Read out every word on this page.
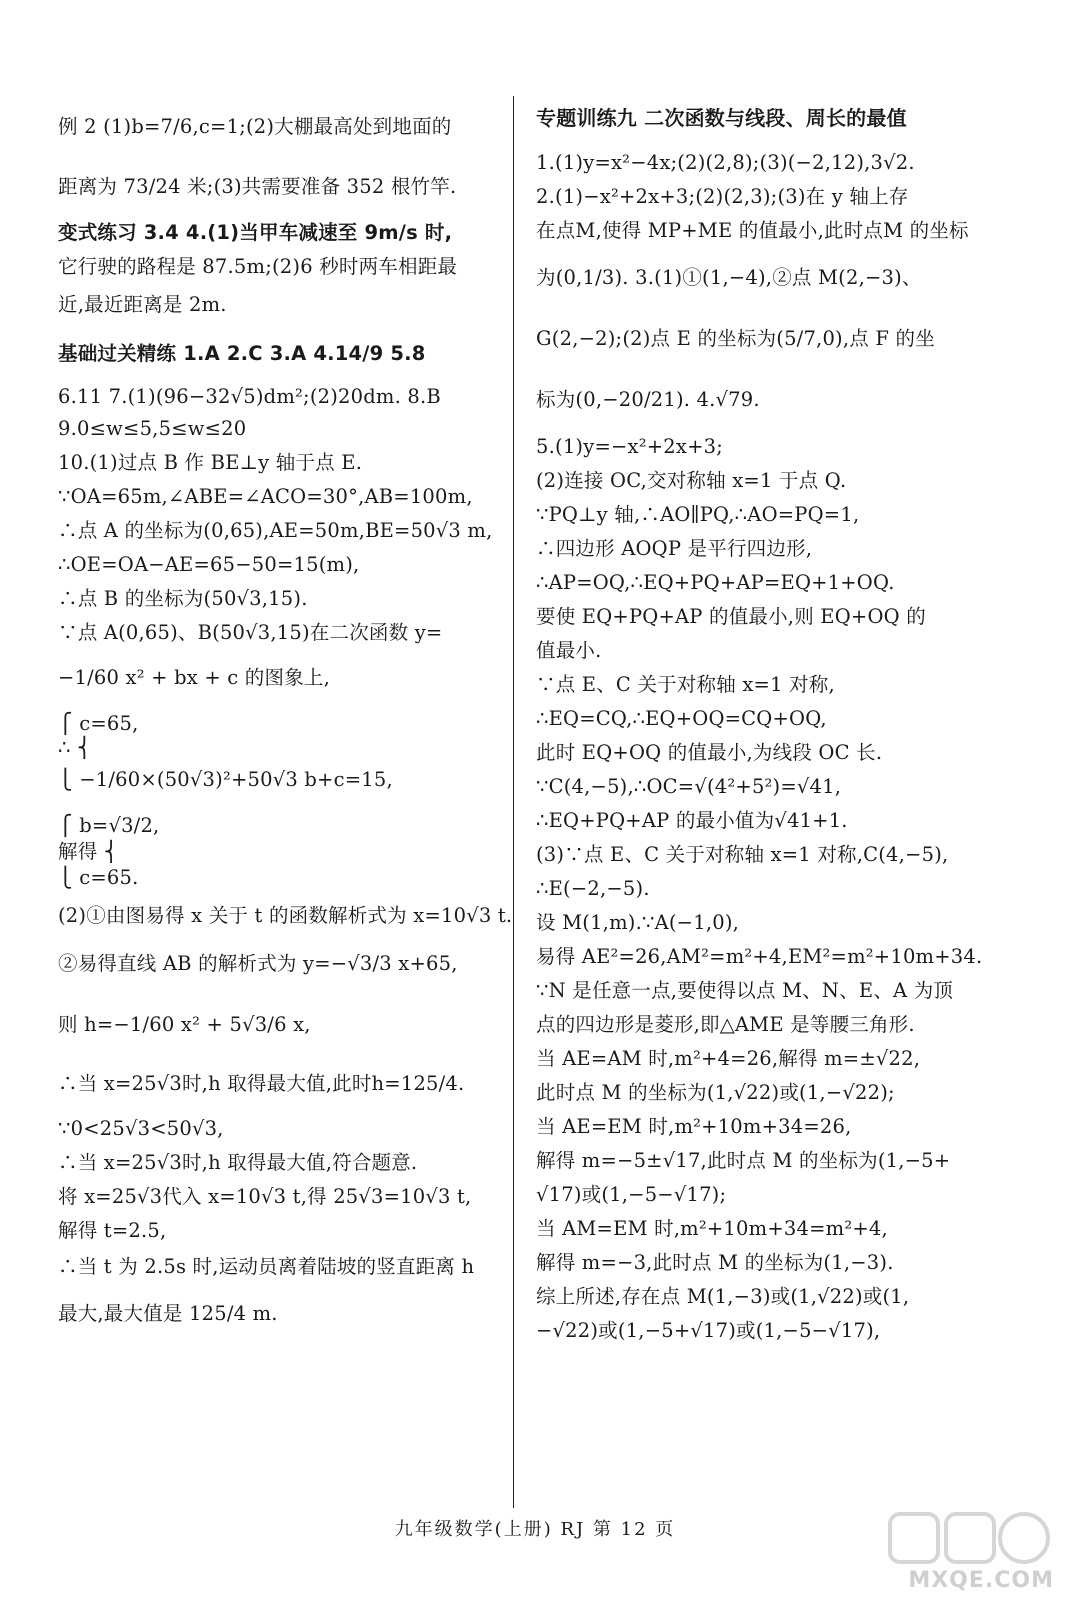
例 2 (1)b=7/6,c=1;(2)大棚最高处到地面的
距离为 73/24 米;(3)共需要准备 352 根竹竿.
变式练习 3.4 4.(1)当甲车减速至 9m/s 时,
它行驶的路程是 87.5m;(2)6 秒时两车相距最
近,最近距离是 2m.
基础过关精练 1.A 2.C 3.A 4.14/9 5.8
6.11 7.(1)(96−32√5)dm²;(2)20dm. 8.B
9.0≤w≤5,5≤w≤20
10.(1)过点 B 作 BE⊥y 轴于点 E.
∵OA=65m,∠ABE=∠ACO=30°,AB=100m,
∴点 A 的坐标为(0,65),AE=50m,BE=50√3 m,
∴OE=OA−AE=65−50=15(m),
∴点 B 的坐标为(50√3,15).
∵点 A(0,65)、B(50√3,15)在二次函数 y=
−1/60 x² + bx + c 的图象上,
⎧ c=65,
∴ ⎨
⎩ −1/60×(50√3)²+50√3 b+c=15,
⎧ b=√3/2,
解得 ⎨
⎩ c=65.
(2)①由图易得 x 关于 t 的函数解析式为 x=10√3 t.
②易得直线 AB 的解析式为 y=−√3/3 x+65,
则 h=−1/60 x² + 5√3/6 x,
∴当 x=25√3时,h 取得最大值,此时h=125/4.
∵0<25√3<50√3,
∴当 x=25√3时,h 取得最大值,符合题意.
将 x=25√3代入 x=10√3 t,得 25√3=10√3 t,
解得 t=2.5,
∴当 t 为 2.5s 时,运动员离着陆坡的竖直距离 h
最大,最大值是 125/4 m.
专题训练九 二次函数与线段、周长的最值
1.(1)y=x²−4x;(2)(2,8);(3)(−2,12),3√2.
2.(1)−x²+2x+3;(2)(2,3);(3)在 y 轴上存
在点M,使得 MP+ME 的值最小,此时点M 的坐标
为(0,1/3). 3.(1)①(1,−4),②点 M(2,−3)、
G(2,−2);(2)点 E 的坐标为(5/7,0),点 F 的坐
标为(0,−20/21). 4.√79.
5.(1)y=−x²+2x+3;
(2)连接 OC,交对称轴 x=1 于点 Q.
∵PQ⊥y 轴,∴AO∥PQ,∴AO=PQ=1,
∴四边形 AOQP 是平行四边形,
∴AP=OQ,∴EQ+PQ+AP=EQ+1+OQ.
要使 EQ+PQ+AP 的值最小,则 EQ+OQ 的
值最小.
∵点 E、C 关于对称轴 x=1 对称,
∴EQ=CQ,∴EQ+OQ=CQ+OQ,
此时 EQ+OQ 的值最小,为线段 OC 长.
∵C(4,−5),∴OC=√(4²+5²)=√41,
∴EQ+PQ+AP 的最小值为√41+1.
(3)∵点 E、C 关于对称轴 x=1 对称,C(4,−5),
∴E(−2,−5).
设 M(1,m).∵A(−1,0),
易得 AE²=26,AM²=m²+4,EM²=m²+10m+34.
∵N 是任意一点,要使得以点 M、N、E、A 为顶
点的四边形是菱形,即△AME 是等腰三角形.
当 AE=AM 时,m²+4=26,解得 m=±√22,
此时点 M 的坐标为(1,√22)或(1,−√22);
当 AE=EM 时,m²+10m+34=26,
解得 m=−5±√17,此时点 M 的坐标为(1,−5+
√17)或(1,−5−√17);
当 AM=EM 时,m²+10m+34=m²+4,
解得 m=−3,此时点 M 的坐标为(1,−3).
综上所述,存在点 M(1,−3)或(1,√22)或(1,
−√22)或(1,−5+√17)或(1,−5−√17),
九年级数学(上册) RJ 第 12 页
MXQE.COM
